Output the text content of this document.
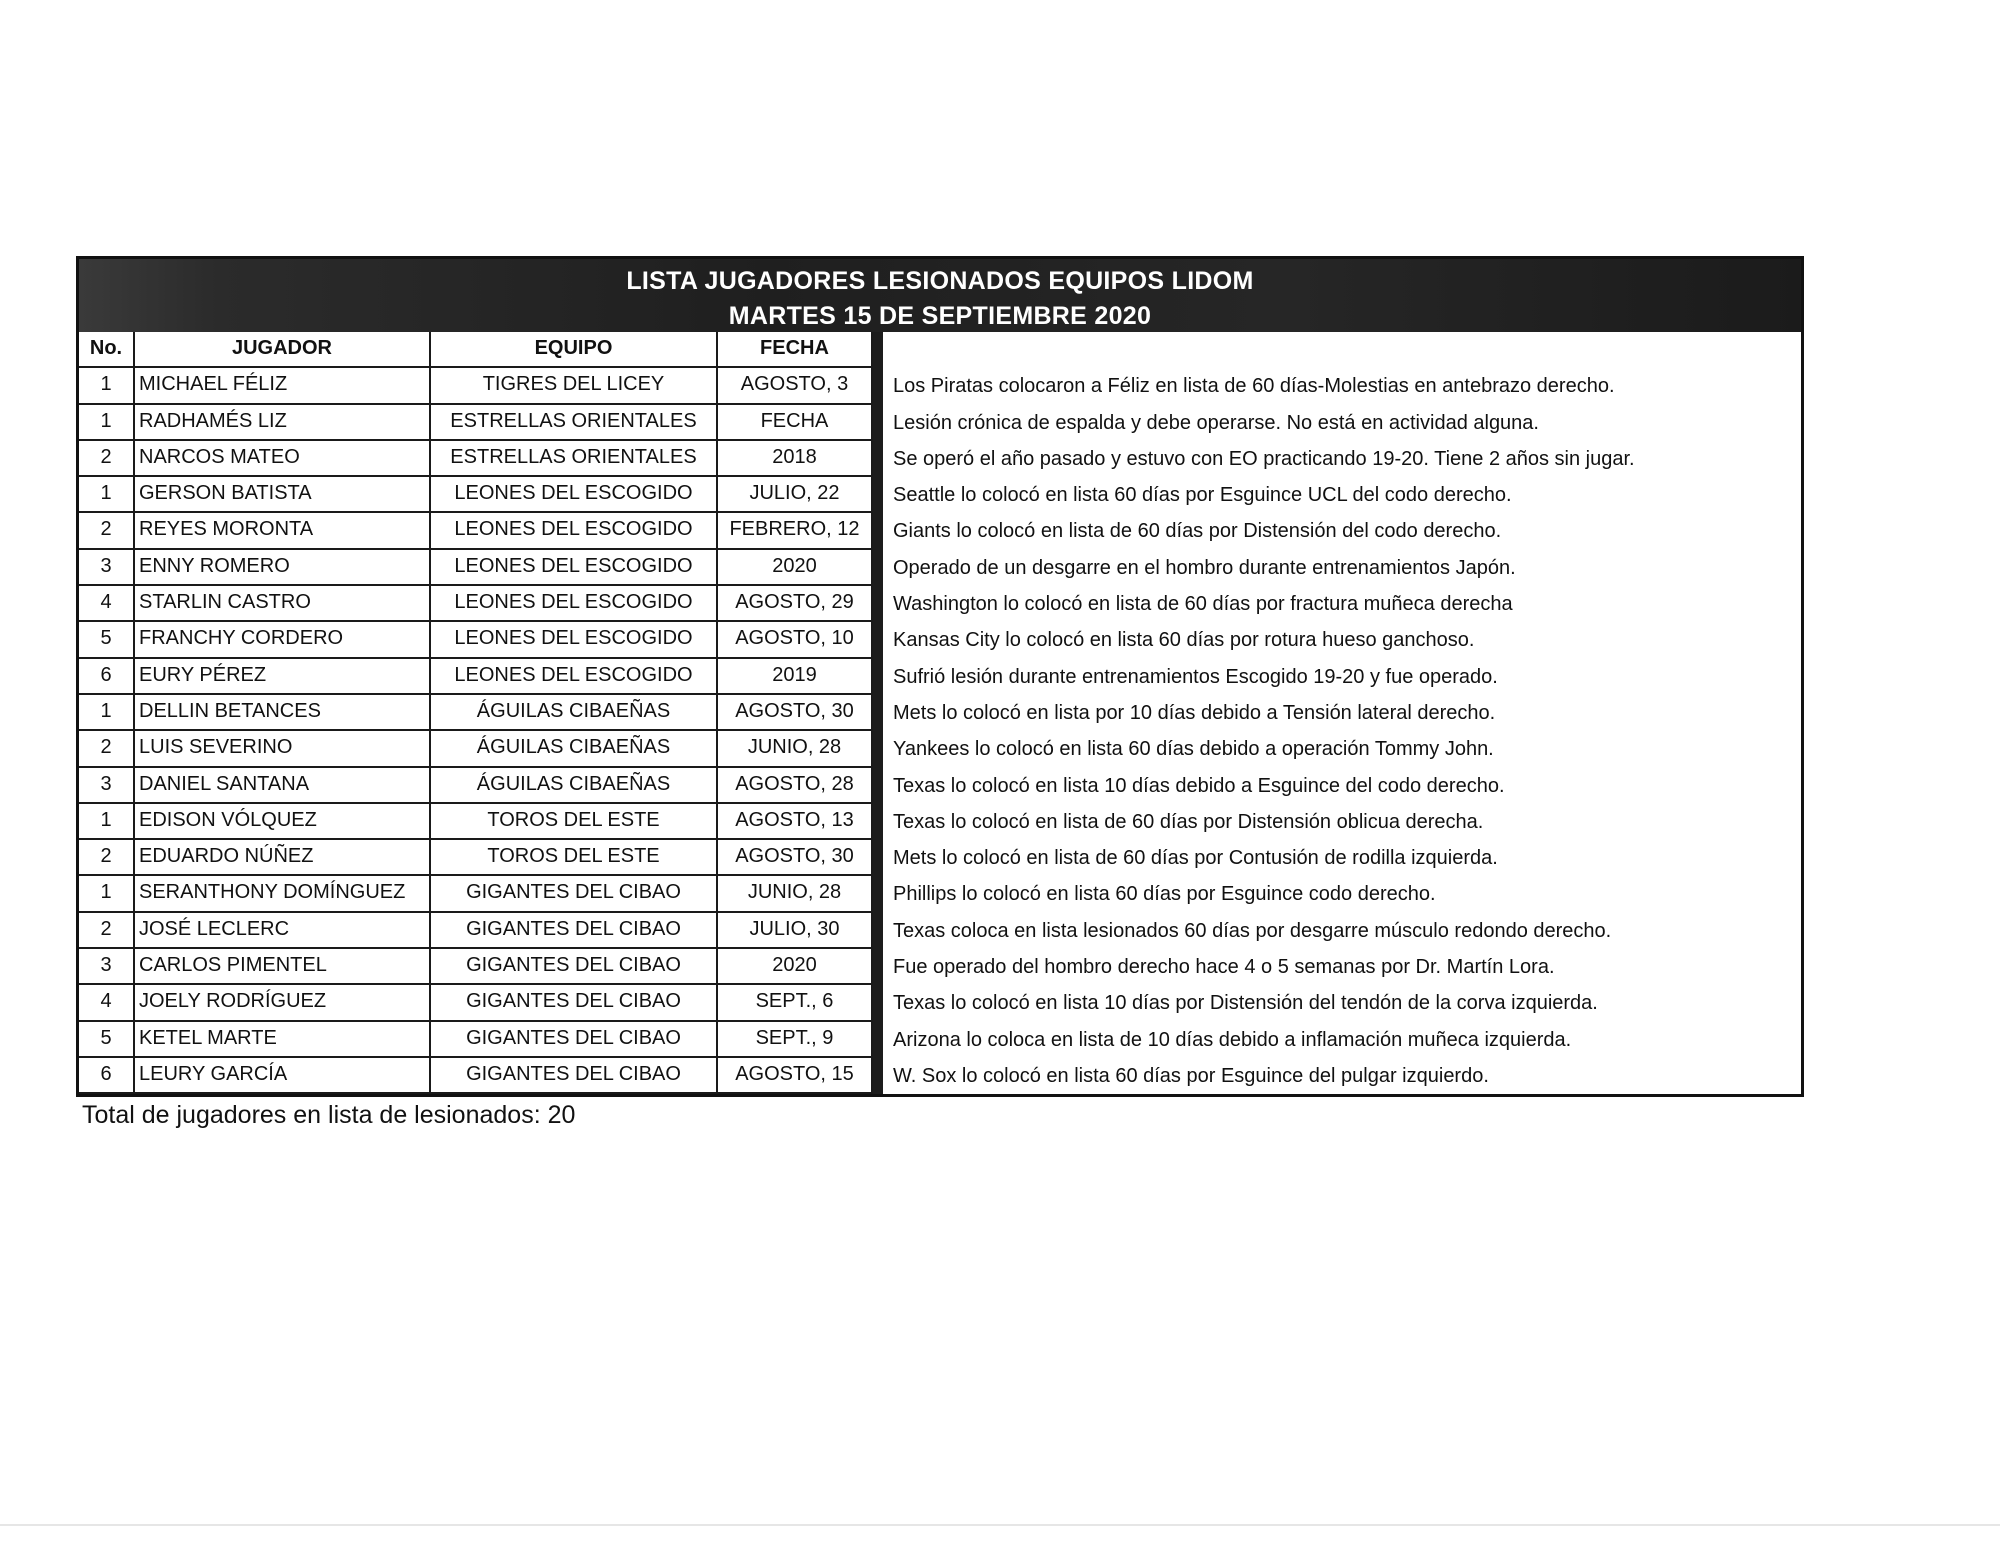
LISTA JUGADORES LESIONADOS EQUIPOS LIDOM
MARTES 15 DE SEPTIEMBRE 2020
No.	JUGADOR	EQUIPO	FECHA
1	MICHAEL FÉLIZ	TIGRES DEL LICEY	AGOSTO, 3	Los Piratas colocaron a Féliz en lista de 60 días-Molestias en antebrazo derecho.
1	RADHAMÉS LIZ	ESTRELLAS ORIENTALES	FECHA	Lesión crónica de espalda y debe operarse. No está en actividad alguna.
2	NARCOS MATEO	ESTRELLAS ORIENTALES	2018	Se operó el año pasado y estuvo con EO practicando 19-20. Tiene 2 años sin jugar.
1	GERSON BATISTA	LEONES DEL ESCOGIDO	JULIO, 22	Seattle lo colocó en lista 60 días por Esguince UCL del codo derecho.
2	REYES MORONTA	LEONES DEL ESCOGIDO	FEBRERO, 12	Giants lo colocó en lista de 60 días por Distensión del codo derecho.
3	ENNY ROMERO	LEONES DEL ESCOGIDO	2020	Operado de un desgarre en el hombro durante entrenamientos Japón.
4	STARLIN CASTRO	LEONES DEL ESCOGIDO	AGOSTO, 29	Washington lo colocó en lista de 60 días por fractura muñeca derecha
5	FRANCHY CORDERO	LEONES DEL ESCOGIDO	AGOSTO, 10	Kansas City lo colocó en lista 60 días por rotura hueso ganchoso.
6	EURY PÉREZ	LEONES DEL ESCOGIDO	2019	Sufrió lesión durante entrenamientos Escogido 19-20 y fue operado.
1	DELLIN BETANCES	ÁGUILAS CIBAEÑAS	AGOSTO, 30	Mets lo colocó en lista por 10 días debido a Tensión lateral derecho.
2	LUIS SEVERINO	ÁGUILAS CIBAEÑAS	JUNIO, 28	Yankees lo colocó en lista 60 días debido a operación Tommy John.
3	DANIEL SANTANA	ÁGUILAS CIBAEÑAS	AGOSTO, 28	Texas lo colocó en lista 10 días debido a Esguince del codo derecho.
1	EDISON VÓLQUEZ	TOROS DEL ESTE	AGOSTO, 13	Texas lo colocó en lista de 60 días por Distensión oblicua derecha.
2	EDUARDO NÚÑEZ	TOROS DEL ESTE	AGOSTO, 30	Mets lo colocó en lista de 60 días por Contusión de rodilla izquierda.
1	SERANTHONY DOMÍNGUEZ	GIGANTES DEL CIBAO	JUNIO, 28	Phillips lo colocó en lista 60 días por Esguince codo derecho.
2	JOSÉ LECLERC	GIGANTES DEL CIBAO	JULIO, 30	Texas coloca en lista lesionados 60 días por desgarre músculo redondo derecho.
3	CARLOS PIMENTEL	GIGANTES DEL CIBAO	2020	Fue operado del hombro derecho hace 4 o 5 semanas por Dr. Martín Lora.
4	JOELY RODRÍGUEZ	GIGANTES DEL CIBAO	SEPT., 6	Texas lo colocó en lista 10 días por Distensión del tendón de la corva izquierda.
5	KETEL MARTE	GIGANTES DEL CIBAO	SEPT., 9	Arizona lo coloca en lista de 10 días debido a inflamación muñeca izquierda.
6	LEURY GARCÍA	GIGANTES DEL CIBAO	AGOSTO, 15	W. Sox lo colocó en lista 60 días por Esguince del pulgar izquierdo.
Total de jugadores en lista de lesionados: 20
